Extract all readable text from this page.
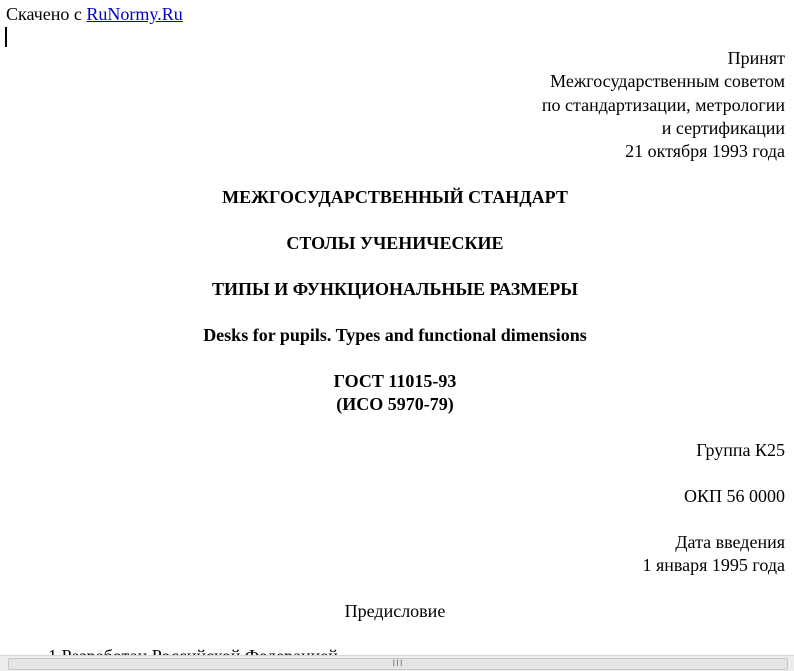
Скачено с RuNormy.Ru
Принят
Межгосударственным советом
по стандартизации, метрологии
и сертификации
21 октября 1993 года
МЕЖГОСУДАРСТВЕННЫЙ СТАНДАРТ
СТОЛЫ УЧЕНИЧЕСКИЕ
ТИПЫ И ФУНКЦИОНАЛЬНЫЕ РАЗМЕРЫ
Desks for pupils. Types and functional dimensions
ГОСТ 11015-93
(ИСО 5970-79)
Группа К25
ОКП 56 0000
Дата введения
1 января 1995 года
Предисловие
III
